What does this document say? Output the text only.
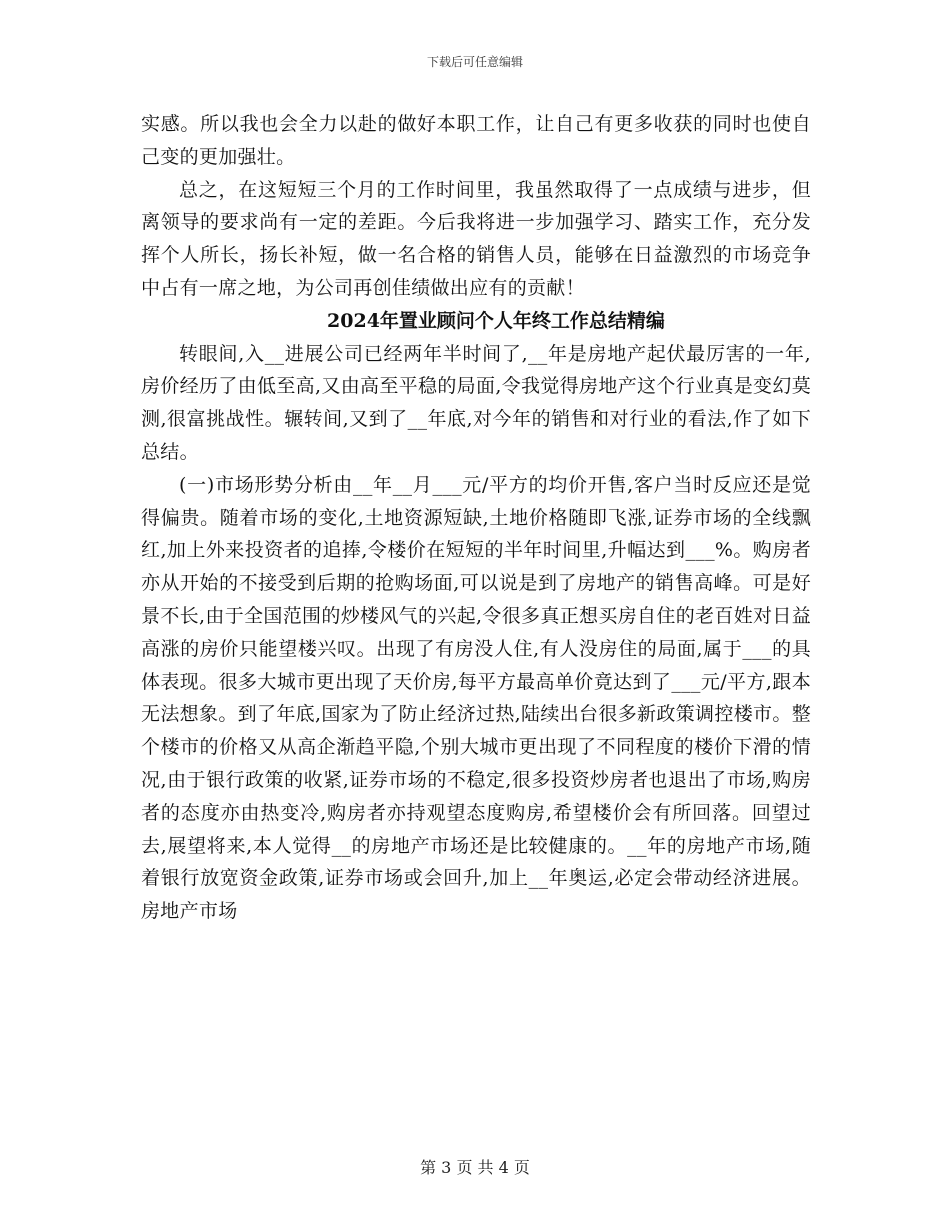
下载后可任意编辑

实感。所以我也会全力以赴的做好本职工作，让自己有更多收获的同时也使自己变的更加强壮。

总之，在这短短三个月的工作时间里，我虽然取得了一点成绩与进步，但离领导的要求尚有一定的差距。今后我将进一步加强学习、踏实工作，充分发挥个人所长，扬长补短，做一名合格的销售人员，能够在日益激烈的市场竞争中占有一席之地，为公司再创佳绩做出应有的贡献！

2024年置业顾问个人年终工作总结精编

转眼间,入__进展公司已经两年半时间了,__年是房地产起伏最厉害的一年,房价经历了由低至高,又由高至平稳的局面,令我觉得房地产这个行业真是变幻莫测,很富挑战性。辗转间,又到了__年底,对今年的销售和对行业的看法,作了如下总结。

(一)市场形势分析由__年__月___元/平方的均价开售,客户当时反应还是觉得偏贵。随着市场的变化,土地资源短缺,土地价格随即飞涨,证券市场的全线飘红,加上外来投资者的追捧,令楼价在短短的半年时间里,升幅达到___%。购房者亦从开始的不接受到后期的抢购场面,可以说是到了房地产的销售高峰。可是好景不长,由于全国范围的炒楼风气的兴起,令很多真正想买房自住的老百姓对日益高涨的房价只能望楼兴叹。出现了有房没人住,有人没房住的局面,属于___的具体表现。很多大城市更出现了天价房,每平方最高单价竟达到了___元/平方,跟本无法想象。到了年底,国家为了防止经济过热,陆续出台很多新政策调控楼市。整个楼市的价格又从高企渐趋平隐,个别大城市更出现了不同程度的楼价下滑的情况,由于银行政策的收紧,证券市场的不稳定,很多投资炒房者也退出了市场,购房者的态度亦由热变冷,购房者亦持观望态度购房,希望楼价会有所回落。回望过去,展望将来,本人觉得__的房地产市场还是比较健康的。__年的房地产市场,随着银行放宽资金政策,证券市场或会回升,加上__年奥运,必定会带动经济进展。房地产市场

第 3 页 共 4 页
